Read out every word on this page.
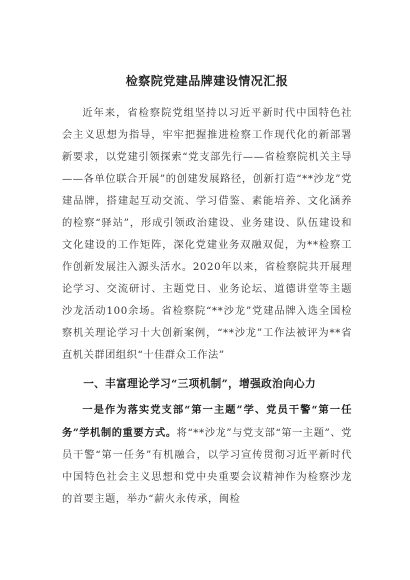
检察院党建品牌建设情况汇报

近年来，省检察院党组坚持以习近平新时代中国特色社会主义思想为指导，牢牢把握推进检察工作现代化的新部署新要求，以党建引领探索“党支部先行——省检察院机关主导——各单位联合开展”的创建发展路径，创新打造“**沙龙”党建品牌，搭建起互动交流、学习借鉴、素能培养、文化涵养的检察“驿站”，形成引领政治建设、业务建设、队伍建设和文化建设的工作矩阵，深化党建业务双融双促，为**检察工作创新发展注入源头活水。2020年以来，省检察院共开展理论学习、交流研讨、主题党日、业务论坛、道德讲堂等主题沙龙活动100余场。省检察院“**沙龙”党建品牌入选全国检察机关理论学习十大创新案例，“**沙龙”工作法被评为**省直机关群团组织“十佳群众工作法”

一、丰富理论学习“三项机制”，增强政治向心力

一是作为落实党支部“第一主题”学、党员干警“第一任务”学机制的重要方式。将“**沙龙”与党支部“第一主题”、党员干警“第一任务”有机融合，以学习宣传贯彻习近平新时代中国特色社会主义思想和党中央重要会议精神作为检察沙龙的首要主题，举办“薪火永传承，闽检
